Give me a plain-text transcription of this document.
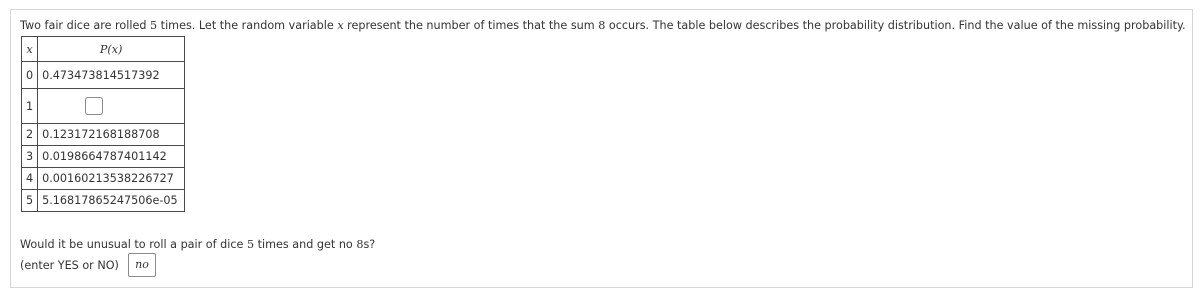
Two fair dice are rolled 5 times. Let the random variable x represent the number of times that the sum 8 occurs. The table below describes the probability distribution. Find the value of the missing probability.
x	P(x)
0	0.473473814517392
1	

2	0.123172168188708
3	0.0198664787401142
4	0.00160213538226727
5	5.16817865247506e-05
Would it be unusual to roll a pair of dice 5 times and get no 8s?
(enter YES or NO)	no
